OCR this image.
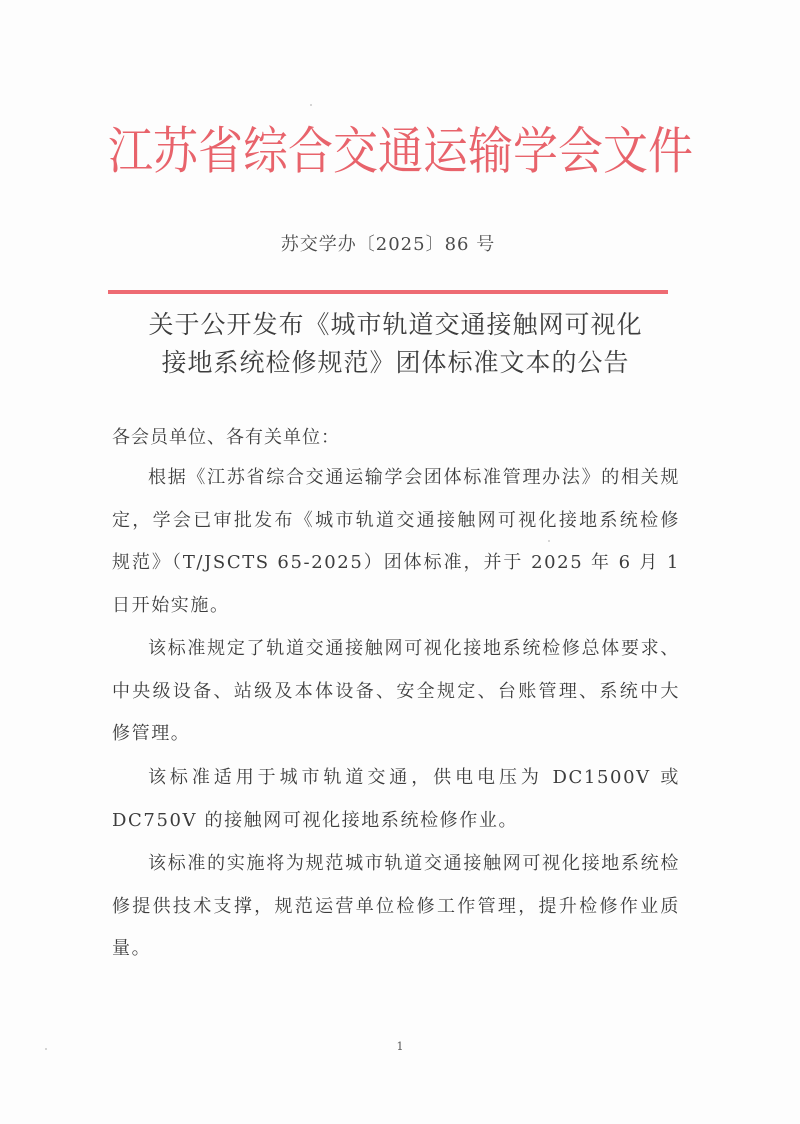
江苏省综合交通运输学会文件
苏交学办〔2025〕86 号
关于公开发布《城市轨道交通接触网可视化
接地系统检修规范》团体标准文本的公告
各会员单位、各有关单位：
根据《江苏省综合交通运输学会团体标准管理办法》的相关规定，学会已审批发布《城市轨道交通接触网可视化接地系统检修规范》（T/JSCTS 65-2025）团体标准，并于 2025 年 6 月 1 日开始实施。
该标准规定了轨道交通接触网可视化接地系统检修总体要求、中央级设备、站级及本体设备、安全规定、台账管理、系统中大修管理。
该标准适用于城市轨道交通，供电电压为 DC1500V 或 DC750V 的接触网可视化接地系统检修作业。
该标准的实施将为规范城市轨道交通接触网可视化接地系统检修提供技术支撑，规范运营单位检修工作管理，提升检修作业质量。
1
